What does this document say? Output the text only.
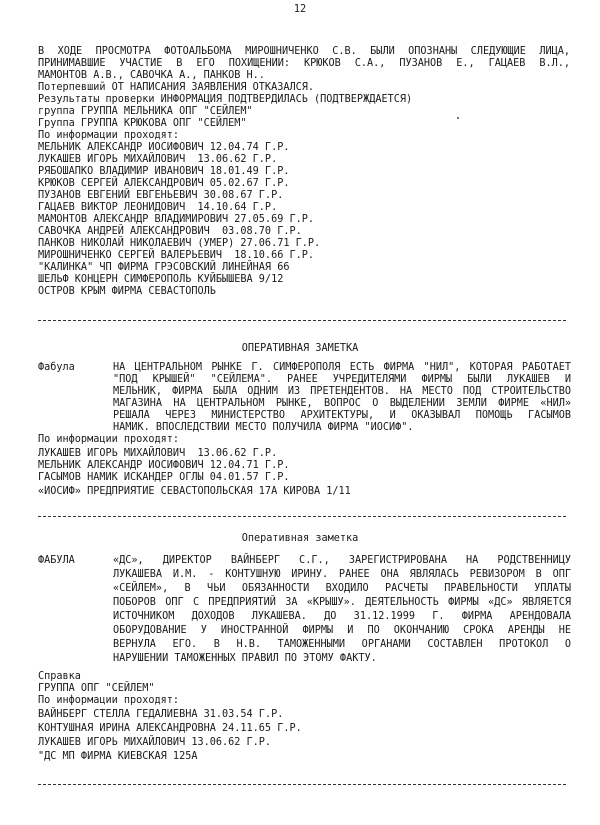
12
В ХОДЕ ПРОСМОТРА ФОТОАЛЬБОМА МИРОШНИЧЕНКО С.В. БЫЛИ ОПОЗНАНЫ СЛЕДУЮЩИЕ ЛИЦА,
ПРИНИМАВШИЕ УЧАСТИЕ В ЕГО ПОХИЩЕНИИ: КРЮКОВ С.А., ПУЗАНОВ Е., ГАЦАЕВ В.Л.,
МАМОНТОВ А.В., САВОЧКА А., ПАНКОВ Н..
Потерпевший ОТ НАПИСАНИЯ ЗАЯВЛЕНИЯ ОТКАЗАЛСЯ.
Результаты проверки ИНФОРМАЦИЯ ПОДТВЕРДИЛАСЬ (ПОДТВЕРЖДАЕТСЯ)
группа ГРУППА МЕЛЬНИКА ОПГ "СЕЙЛЕМ"
Группа ГРУППА КРЮКОВА ОПГ "СЕЙЛЕМ"
По информации проходят:
МЕЛЬНИК АЛЕКСАНДР ИОСИФОВИЧ 12.04.74 Г.Р.
ЛУКАШЕВ ИГОРЬ МИХАЙЛОВИЧ  13.06.62 Г.Р.
РЯБОШАПКО ВЛАДИМИР ИВАНОВИЧ 18.01.49 Г.Р.
КРЮКОВ СЕРГЕЙ АЛЕКСАНДРОВИЧ 05.02.67 Г.Р.
ПУЗАНОВ ЕВГЕНИЙ ЕВГЕНЬЕВИЧ 30.08.67 Г.Р.
ГАЦАЕВ ВИКТОР ЛЕОНИДОВИЧ  14.10.64 Г.Р.
МАМОНТОВ АЛЕКСАНДР ВЛАДИМИРОВИЧ 27.05.69 Г.Р.
САВОЧКА АНДРЕЙ АЛЕКСАНДРОВИЧ  03.08.70 Г.Р.
ПАНКОВ НИКОЛАЙ НИКОЛАЕВИЧ (УМЕР) 27.06.71 Г.Р.
МИРОШНИЧЕНКО СЕРГЕЙ ВАЛЕРЬЕВИЧ  18.10.66 Г.Р.
"КАЛИНКА" ЧП ФИРМА ГРЭСОВСКИЙ ЛИНЕЙНАЯ 66
ШЕЛЬФ КОНЦЕРН СИМФЕРОПОЛЬ КУЙБЫШЕВА 9/12
ОСТРОВ КРЫМ ФИРМА СЕВАСТОПОЛЬ
ОПЕРАТИВНАЯ ЗАМЕТКА
Фабула	НА ЦЕНТРАЛЬНОМ РЫНКЕ Г. СИМФЕРОПОЛЯ ЕСТЬ ФИРМА "НИЛ", КОТОРАЯ РАБОТАЕТ
"ПОД КРЫШЕЙ" "СЕЙЛЕМА". РАНЕЕ УЧРЕДИТЕЛЯМИ ФИРМЫ БЫЛИ ЛУКАШЕВ И
МЕЛЬНИК, ФИРМА БЫЛА ОДНИМ ИЗ ПРЕТЕНДЕНТОВ. НА МЕСТО ПОД СТРОИТЕЛЬСТВО
МАГАЗИНА НА ЦЕНТРАЛЬНОМ РЫНКЕ, ВОПРОС О ВЫДЕЛЕНИИ ЗЕМЛИ ФИРМЕ «НИЛ»
РЕШАЛА ЧЕРЕЗ МИНИСТЕРСТВО АРХИТЕКТУРЫ, И ОКАЗЫВАЛ ПОМОЩЬ ГАСЫМОВ
НАМИК. ВПОСЛЕДСТВИИ МЕСТО ПОЛУЧИЛА ФИРМА "ИОСИФ".
По информации проходят:
ЛУКАШЕВ ИГОРЬ МИХАЙЛОВИЧ  13.06.62 Г.Р.
МЕЛЬНИК АЛЕКСАНДР ИОСИФОВИЧ 12.04.71 Г.Р.
ГАСЫМОВ НАМИК ИСКАНДЕР ОГЛЫ 04.01.57 Г.Р.
«ИОСИФ» ПРЕДПРИЯТИЕ СЕВАСТОПОЛЬСКАЯ 17А КИРОВА 1/11
Оперативная заметка
ФАБУЛА	«ДС», ДИРЕКТОР ВАЙНБЕРГ С.Г., ЗАРЕГИСТРИРОВАНА НА РОДСТВЕННИЦУ
ЛУКАШЕВА И.М. - КОНТУШНУЮ ИРИНУ. РАНЕЕ ОНА ЯВЛЯЛАСЬ РЕВИЗОРОМ В ОПГ
«СЕЙЛЕМ», В ЧЬИ ОБЯЗАННОСТИ ВХОДИЛО РАСЧЕТЫ ПРАВЕЛЬНОСТИ УПЛАТЫ
ПОБОРОВ ОПГ С ПРЕДПРИЯТИЙ ЗА «КРЫШУ». ДЕЯТЕЛЬНОСТЬ ФИРМЫ «ДС» ЯВЛЯЕТСЯ
ИСТОЧНИКОМ ДОХОДОВ ЛУКАШЕВА. ДО 31.12.1999 Г. ФИРМА АРЕНДОВАЛА
ОБОРУДОВАНИЕ У ИНОСТРАННОЙ ФИРМЫ И ПО ОКОНЧАНИЮ СРОКА АРЕНДЫ НЕ
ВЕРНУЛА ЕГО. В Н.В. ТАМОЖЕННЫМИ ОРГАНАМИ СОСТАВЛЕН ПРОТОКОЛ О
НАРУШЕНИИ ТАМОЖЕННЫХ ПРАВИЛ ПО ЭТОМУ ФАКТУ.
Справка
ГРУППА ОПГ "СЕЙЛЕМ"
По информации проходят:
ВАЙНБЕРГ СТЕЛЛА ГЕДАЛИЕВНА 31.03.54 Г.Р.
КОНТУШНАЯ ИРИНА АЛЕКСАНДРОВНА 24.11.65 Г.Р.
ЛУКАШЕВ ИГОРЬ МИХАЙЛОВИЧ 13.06.62 Г.Р.
"ДС МП ФИРМА КИЕВСКАЯ 125А
